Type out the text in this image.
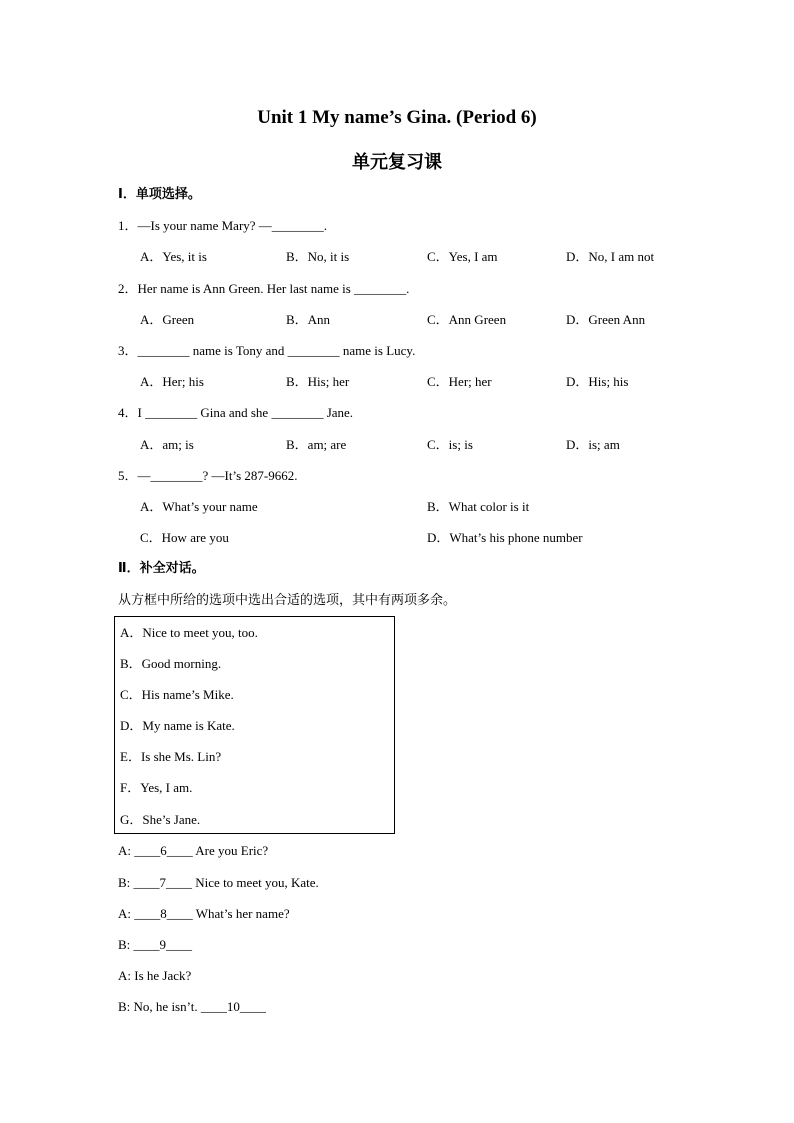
Unit 1 My name’s Gina. (Period 6)
单元复习课
Ⅰ．单项选择。
1．—Is your name Mary? —________.
A．Yes, it is	B．No, it is	C．Yes, I am	D．No, I am not
2．Her name is Ann Green. Her last name is ________.
A．Green	B．Ann	C．Ann Green	D．Green Ann
3．________ name is Tony and ________ name is Lucy.
A．Her; his	B．His; her	C．Her; her	D．His; his
4．I ________ Gina and she ________ Jane.
A．am; is	B．am; are	C．is; is	D．is; am
5．—________? —It’s 287-9662.
A．What’s your name	B．What color is it
C．How are you	D．What’s his phone number
Ⅱ．补全对话。
从方框中所给的选项中选出合适的选项，其中有两项多余。
A．Nice to meet you, too.
B．Good morning.
C．His name’s Mike.
D．My name is Kate.
E．Is she Ms. Lin?
F．Yes, I am.
G．She’s Jane.
A: ____6____ Are you Eric?
B: ____7____ Nice to meet you, Kate.
A: ____8____ What’s her name?
B: ____9____
A: Is he Jack?
B: No, he isn’t. ____10____
